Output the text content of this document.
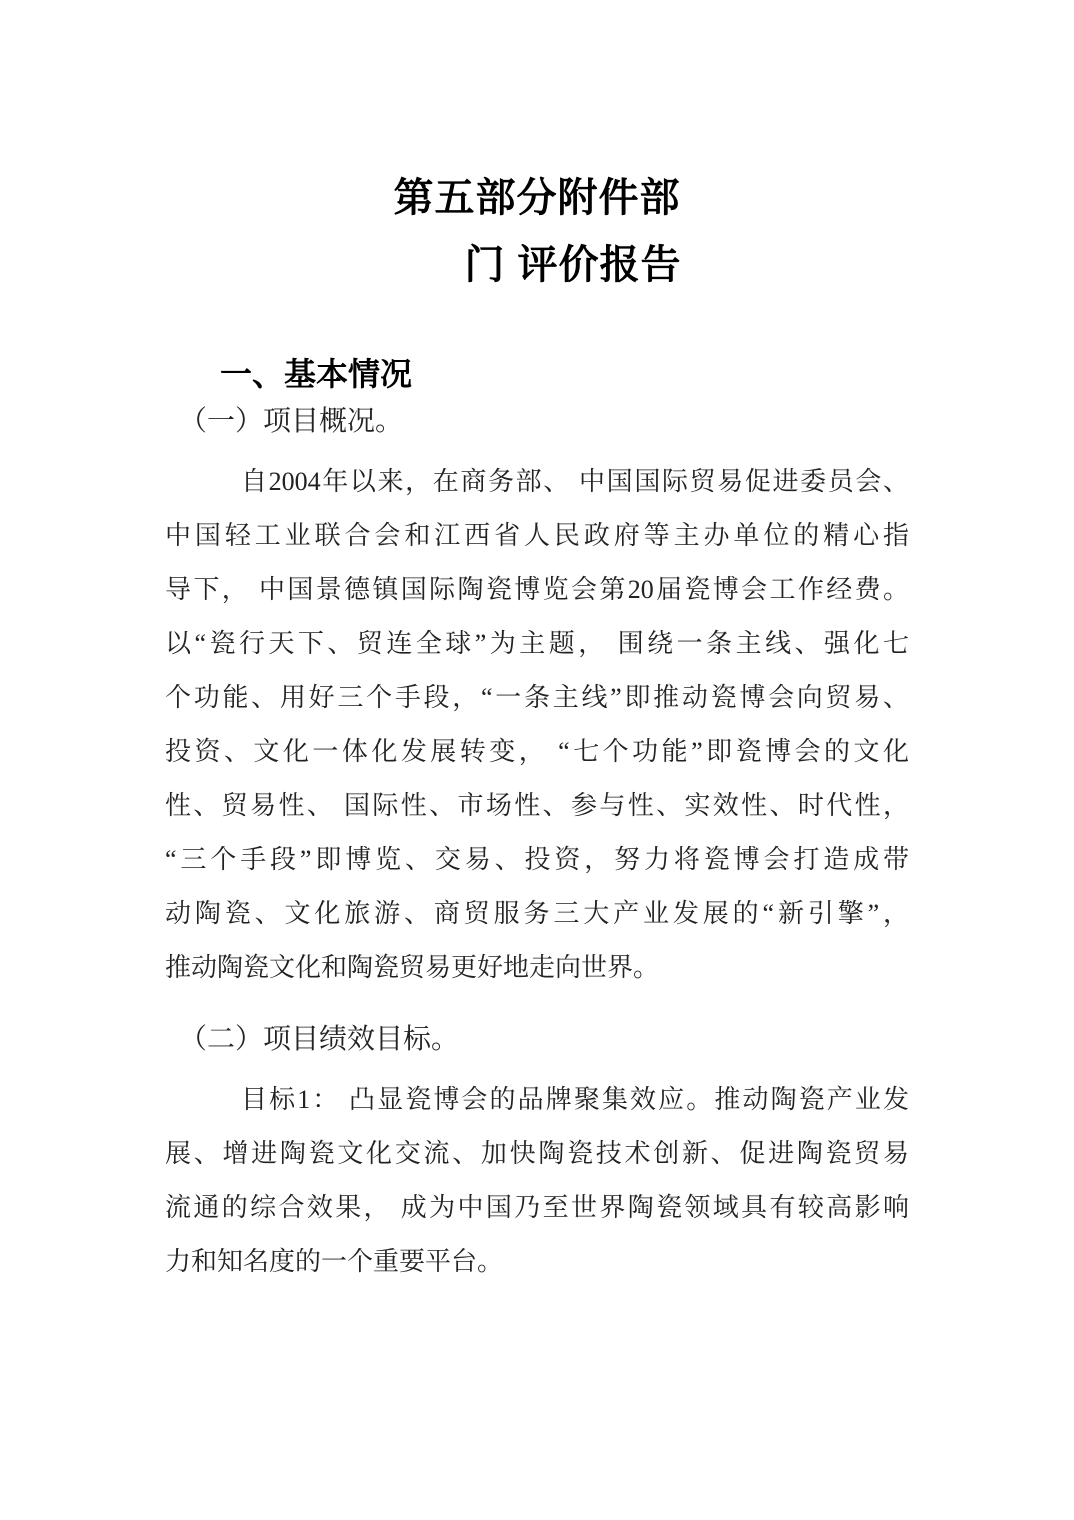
第五部分附件部
门 评价报告
一、基本情况
（一）项目概况。
自2004年以来，在商务部、 中国国际贸易促进委员会、
中国轻工业联合会和江西省人民政府等主办单位的精心指
导下， 中国景德镇国际陶瓷博览会第20届瓷博会工作经费。
以“瓷行天下、贸连全球”为主题， 围绕一条主线、强化七
个功能、用好三个手段，“一条主线”即推动瓷博会向贸易、
投资、文化一体化发展转变， “七个功能”即瓷博会的文化
性、贸易性、 国际性、市场性、参与性、实效性、时代性，
“三个手段”即博览、交易、投资，努力将瓷博会打造成带
动陶瓷、文化旅游、商贸服务三大产业发展的“新引擎”，
推动陶瓷文化和陶瓷贸易更好地走向世界。
（二）项目绩效目标。
目标1： 凸显瓷博会的品牌聚集效应。推动陶瓷产业发
展、增进陶瓷文化交流、加快陶瓷技术创新、促进陶瓷贸易
流通的综合效果， 成为中国乃至世界陶瓷领域具有较高影响
力和知名度的一个重要平台。
